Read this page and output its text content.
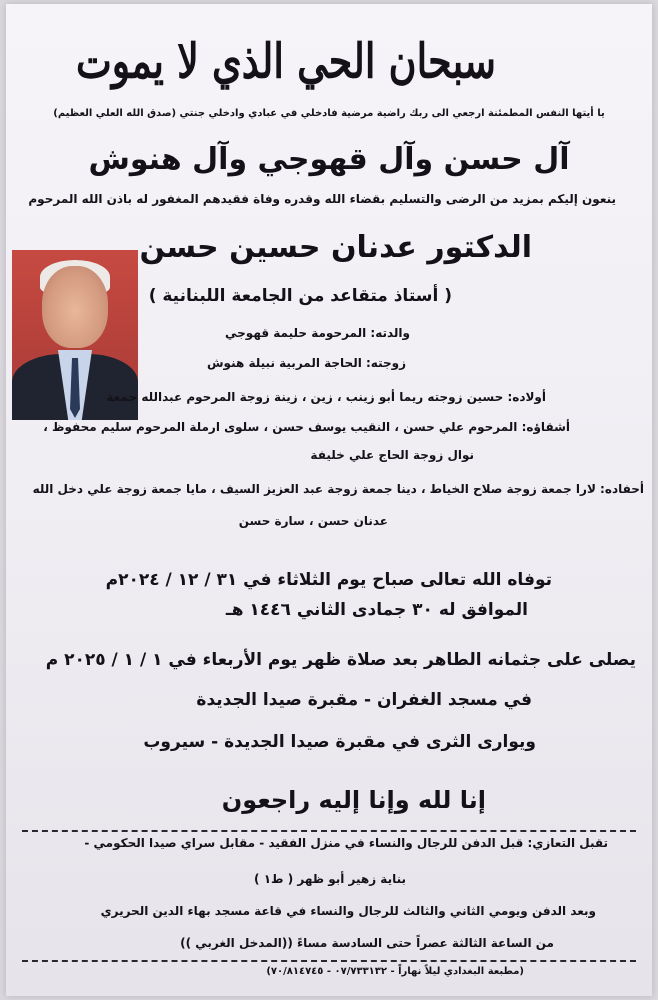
سبحان الحي الذي لا يموت
يا أيتها النفس المطمئنة ارجعي الى ربك راضية مرضية فادخلي في عبادي وادخلي جنتي (صدق الله العلي العظيم)
آل حسن وآل قهوجي وآل هنوش
ينعون إليكم بمزيد من الرضى والتسليم بقضاء الله وقدره وفاة فقيدهم المغفور له باذن الله المرحوم
الدكتور عدنان حسين حسن
( أستاذ متقاعد من الجامعة اللبنانية )
والدته: المرحومة حليمة قهوجي
زوجته: الحاجة المربية نبيلة هنوش
أولاده: حسين زوجته ريما أبو زينب ، زين ، زينة زوجة المرحوم عبدالله جمعة
أشقاؤه: المرحوم علي حسن ، النقيب يوسف حسن ، سلوى ارملة المرحوم سليم محفوظ ،
نوال زوجة الحاج علي خليفة
أحفاده: لارا جمعة زوجة صلاح الخياط ، دينا جمعة زوجة عبد العزيز السيف ، مايا جمعة زوجة علي دخل الله
عدنان حسن ، سارة حسن
توفاه الله تعالى صباح يوم الثلاثاء في ٣١ / ١٢ / ٢٠٢٤م
الموافق له ٣٠ جمادى الثاني ١٤٤٦ هـ
يصلى على جثمانه الطاهر بعد صلاة ظهر يوم الأربعاء في ١ / ١ / ٢٠٢٥ م
في مسجد الغفران - مقبرة صيدا الجديدة
ويوارى الثرى في مقبرة صيدا الجديدة - سيروب
إنا لله وإنا إليه راجعون
تقبل التعازي: قبل الدفن للرجال والنساء في منزل الفقيد - مقابل سراي صيدا الحكومي -
بناية زهير أبو ظهر ( ط١ )
وبعد الدفن ويومي الثاني والثالث للرجال والنساء في قاعة مسجد بهاء الدين الحريري
من الساعة الثالثة عصراً حتى السادسة مساءً ((المدخل الغربي ))
(مطبعة البغدادي ليلاً نهاراً - ٠٧/٧٣٣١٣٢ - ٧٠/٨١٤٧٤٥)
